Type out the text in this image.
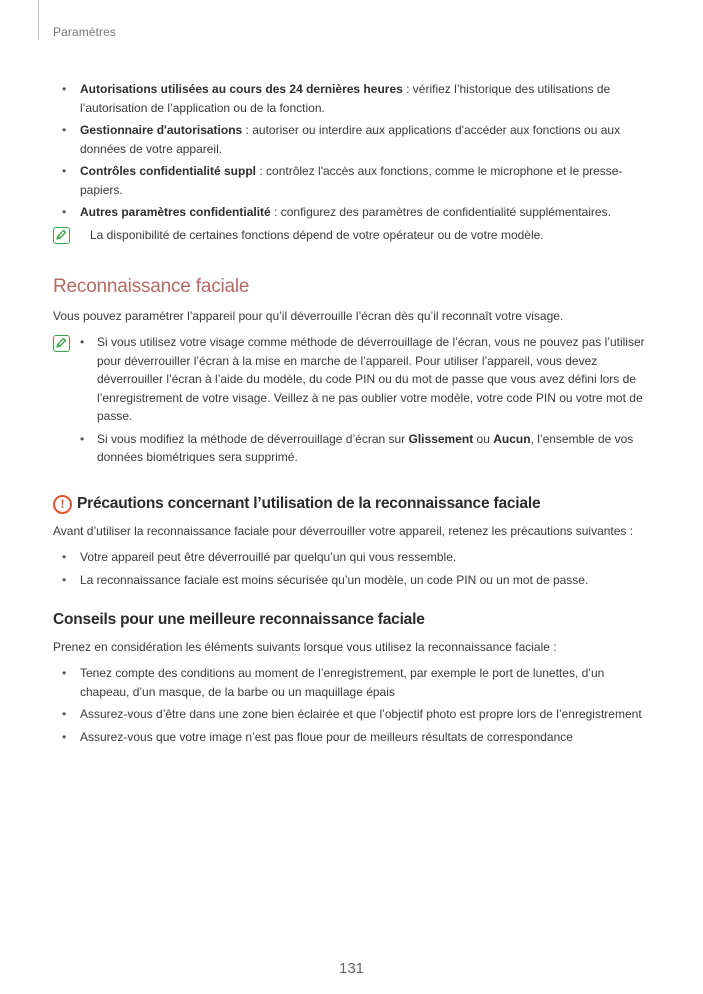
Paramètres
• Autorisations utilisées au cours des 24 dernières heures : vérifiez l’historique des utilisations de l’autorisation de l’application ou de la fonction.
• Gestionnaire d'autorisations : autoriser ou interdire aux applications d'accéder aux fonctions ou aux données de votre appareil.
• Contrôles confidentialité suppl : contrôlez l'accès aux fonctions, comme le microphone et le presse-papiers.
• Autres paramètres confidentialité : configurez des paramètres de confidentialité supplémentaires.
La disponibilité de certaines fonctions dépend de votre opérateur ou de votre modèle.
Reconnaissance faciale

Vous pouvez paramétrer l’appareil pour qu’il déverrouille l’écran dès qu’il reconnaît votre visage.

• Si vous utilisez votre visage comme méthode de déverrouillage de l’écran, vous ne pouvez pas l’utiliser pour déverrouiller l’écran à la mise en marche de l’appareil. Pour utiliser l’appareil, vous devez déverrouiller l’écran à l’aide du modèle, du code PIN ou du mot de passe que vous avez défini lors de l’enregistrement de votre visage. Veillez à ne pas oublier votre modèle, votre code PIN ou votre mot de passe.
• Si vous modifiez la méthode de déverrouillage d’écran sur Glissement ou Aucun, l’ensemble de vos données biométriques sera supprimé.
! Précautions concernant l’utilisation de la reconnaissance faciale

Avant d’utiliser la reconnaissance faciale pour déverrouiller votre appareil, retenez les précautions suivantes :

• Votre appareil peut être déverrouillé par quelqu’un qui vous ressemble.
• La reconnaissance faciale est moins sécurisée qu’un modèle, un code PIN ou un mot de passe.
Conseils pour une meilleure reconnaissance faciale

Prenez en considération les éléments suivants lorsque vous utilisez la reconnaissance faciale :

• Tenez compte des conditions au moment de l’enregistrement, par exemple le port de lunettes, d’un chapeau, d’un masque, de la barbe ou un maquillage épais
• Assurez-vous d’être dans une zone bien éclairée et que l’objectif photo est propre lors de l’enregistrement
• Assurez-vous que votre image n’est pas floue pour de meilleurs résultats de correspondance
131
